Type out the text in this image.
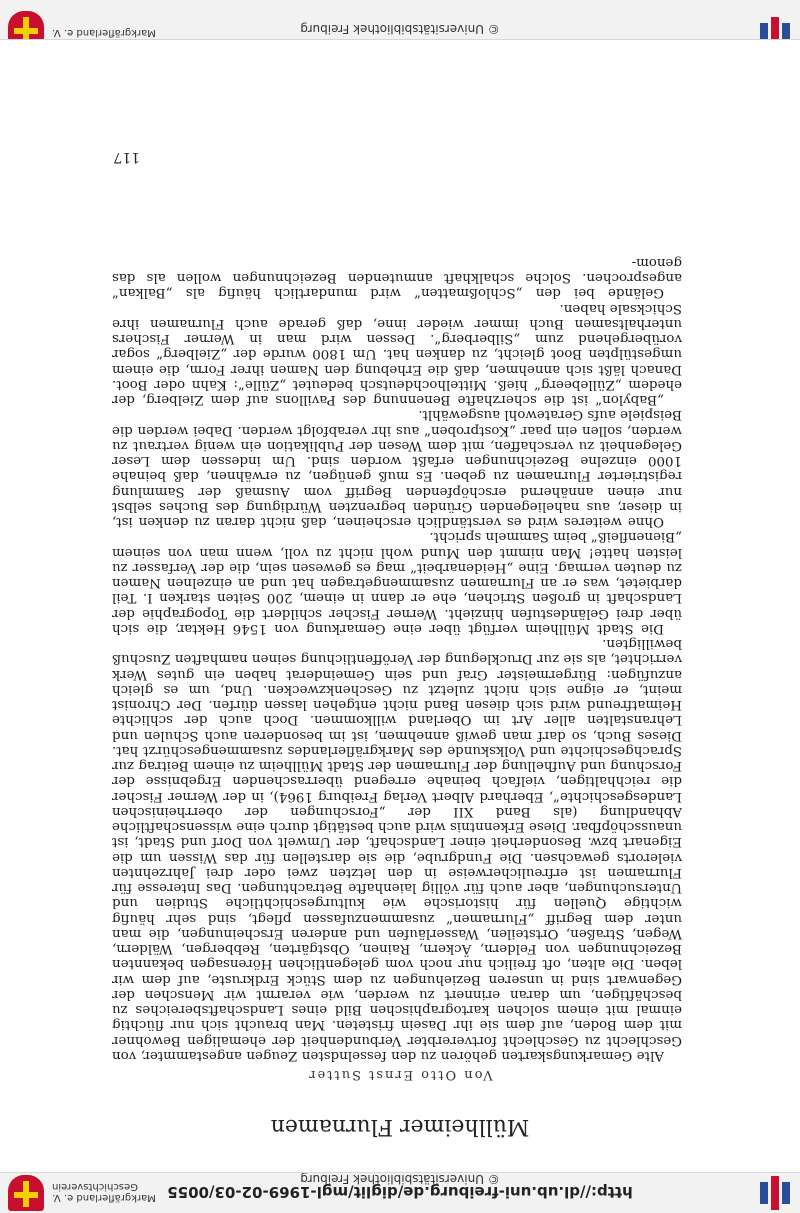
http://dl.ub.uni-freiburg.de/diglit/mgl-1969-02-03/0055
© Universitätsbibliothek Freiburg
Markgräflerland e. V.
Geschichtsverein
Müllheimer Flurnamen
Von Otto Ernst Sutter

Alte Gemarkungskarten gehören zu den fesselndsten Zeugen angestammter, von Geschlecht zu Geschlecht fortvererbter Verbundenheit der ehemaligen Bewohner mit dem Boden, auf dem sie ihr Dasein fristeten. Man braucht sich nur flüchtig einmal mit einem solchen kartographischen Bild eines Landschaftsbereiches zu beschäftigen, um daran erinnert zu werden, wie verarmt wir Menschen der Gegenwart sind in unseren Beziehungen zu dem Stück Erdkruste, auf dem wir leben. Die alten, oft freilich nur noch vom gelegentlichen Hörensagen bekannten Bezeichnungen von Feldern, Äckern, Rainen, Obstgärten, Rebbergen, Wäldern, Wegen, Straßen, Ortsteilen, Wasserläufen und anderen Erscheinungen, die man unter dem Begriff „Flurnamen“ zusammenzufassen pflegt, sind sehr häufig wichtige Quellen für historische wie kulturgeschichtliche Studien und Untersuchungen, aber auch für völlig laienhafte Betrachtungen. Das Interesse für Flurnamen ist erfreulicherweise in den letzten zwei oder drei Jahrzehnten vielerorts gewachsen. Die Fundgrube, die sie darstellen für das Wissen um die Eigenart bzw. Besonderheit einer Landschaft, der Umwelt von Dorf und Stadt, ist unausschöpfbar. Diese Erkenntnis wird auch bestätigt durch eine wissenschaftliche Abhandlung (als Band XII der „Forschungen der oberrheinischen Landesgeschichte“, Eberhard Albert Verlag Freiburg 1964), in der Werner Fischer die reichhaltigen, vielfach beinahe erregend überraschenden Ergebnisse der Forschung und Aufhellung der Flurnamen der Stadt Müllheim zu einem Beitrag zur Sprachgeschichte und Volkskunde des Markgräflerlandes zusammengeschürzt hat. Dieses Buch, so darf man gewiß annehmen, ist im besonderen auch Schulen und Lehranstalten aller Art im Oberland willkommen. Doch auch der schlichte Heimatfreund wird sich diesen Band nicht entgehen lassen dürfen. Der Chronist meint, er eigne sich nicht zuletzt zu Geschenkzwecken. Und, um es gleich anzufügen: Bürgermeister Graf und sein Gemeinderat haben ein gutes Werk verrichtet, als sie zur Drucklegung der Veröffentlichung seinen namhaften Zuschuß bewilligten.

Die Stadt Müllheim verfügt über eine Gemarkung von 1546 Hektar, die sich über drei Geländestufen hinzieht. Werner Fischer schildert die Topographie der Landschaft in großen Strichen, ehe er dann in einem, 200 Seiten starken I. Teil darbietet, was er an Flurnamen zusammengetragen hat und an einzelnen Namen zu deuten vermag. Eine „Heidenarbeit“ mag es gewesen sein, die der Verfasser zu leisten hatte! Man nimmt den Mund wohl nicht zu voll, wenn man von seinem „Bienenfleiß“ beim Sammeln spricht.

Ohne weiteres wird es verständlich erscheinen, daß nicht daran zu denken ist, in dieser, aus naheliegenden Gründen begrenzten Würdigung des Buches selbst nur einen annähernd erschöpfenden Begriff vom Ausmaß der Sammlung registrierter Flurnamen zu geben. Es muß genügen, zu erwähnen, daß beinahe 1000 einzelne Bezeichnungen erfaßt worden sind. Um indessen dem Leser Gelegenheit zu verschaffen, mit dem Wesen der Publikation ein wenig vertraut zu werden, sollen ein paar „Kostproben“ aus ihr verabfolgt werden. Dabei werden die Beispiele aufs Geratewohl ausgewählt.

„Babylon“ ist die scherzhafte Benennung des Pavillons auf dem Zielberg, der ehedem „Züllebeerg“ hieß. Mittelhochdeutsch bedeutet „Zülle“: Kahn oder Boot. Danach läßt sich annehmen, daß die Erhebung den Namen ihrer Form, die einem umgestülpten Boot gleicht, zu danken hat. Um 1800 wurde der „Zielberg“ sogar vorübergehend zum „Silberberg“. Dessen wird man in Werner Fischers unterhaltsamen Buch immer wieder inne, daß gerade auch Flurnamen ihre Schicksale haben.

Gelände bei den „Schloßmatten“ wird mundartlich häufig als „Balkan“ angesprochen. Solche schalkhaft anmutenden Bezeichnungen wollen als das genom-

117
© Universitätsbibliothek Freiburg
Markgräflerland e. V.
